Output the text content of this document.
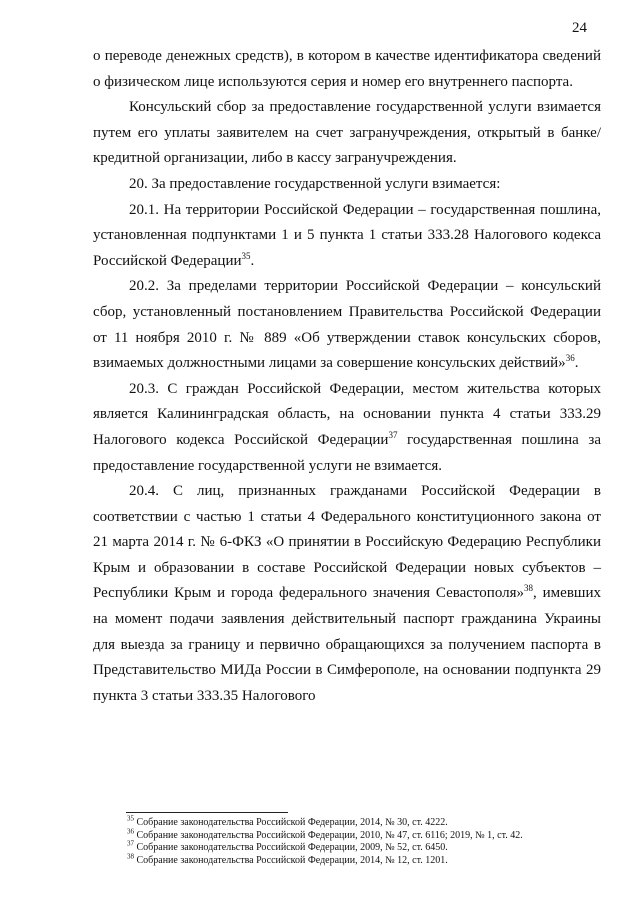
24

о переводе денежных средств), в котором в качестве идентификатора сведений о физическом лице используются серия и номер его внутреннего паспорта.

Консульский сбор за предоставление государственной услуги взимается путем его уплаты заявителем на счет загранучреждения, открытый в банке/кредитной организации, либо в кассу загранучреждения.

20. За предоставление государственной услуги взимается:

20.1. На территории Российской Федерации – государственная пошлина, установленная подпунктами 1 и 5 пункта 1 статьи 333.28 Налогового кодекса Российской Федерации$^{35}$.

20.2. За пределами территории Российской Федерации – консульский сбор, установленный постановлением Правительства Российской Федерации от 11 ноября 2010 г. № 889 «Об утверждении ставок консульских сборов, взимаемых должностными лицами за совершение консульских действий»$^{36}$.

20.3. С граждан Российской Федерации, местом жительства которых является Калининградская область, на основании пункта 4 статьи 333.29 Налогового кодекса Российской Федерации$^{37}$ государственная пошлина за предоставление государственной услуги не взимается.

20.4. С лиц, признанных гражданами Российской Федерации в соответствии с частью 1 статьи 4 Федерального конституционного закона от 21 марта 2014 г. № 6-ФКЗ «О принятии в Российскую Федерацию Республики Крым и образовании в составе Российской Федерации новых субъектов – Республики Крым и города федерального значения Севастополя»$^{38}$, имевших на момент подачи заявления действительный паспорт гражданина Украины для выезда за границу и первично обращающихся за получением паспорта в Представительство МИДа России в Симферополе, на основании подпункта 29 пункта 3 статьи 333.35 Налогового

$^{35}$ Собрание законодательства Российской Федерации, 2014, № 30, ст. 4222.
$^{36}$ Собрание законодательства Российской Федерации, 2010, № 47, ст. 6116; 2019, № 1, ст. 42.
$^{37}$ Собрание законодательства Российской Федерации, 2009, № 52, ст. 6450.
$^{38}$ Собрание законодательства Российской Федерации, 2014, № 12, ст. 1201.
